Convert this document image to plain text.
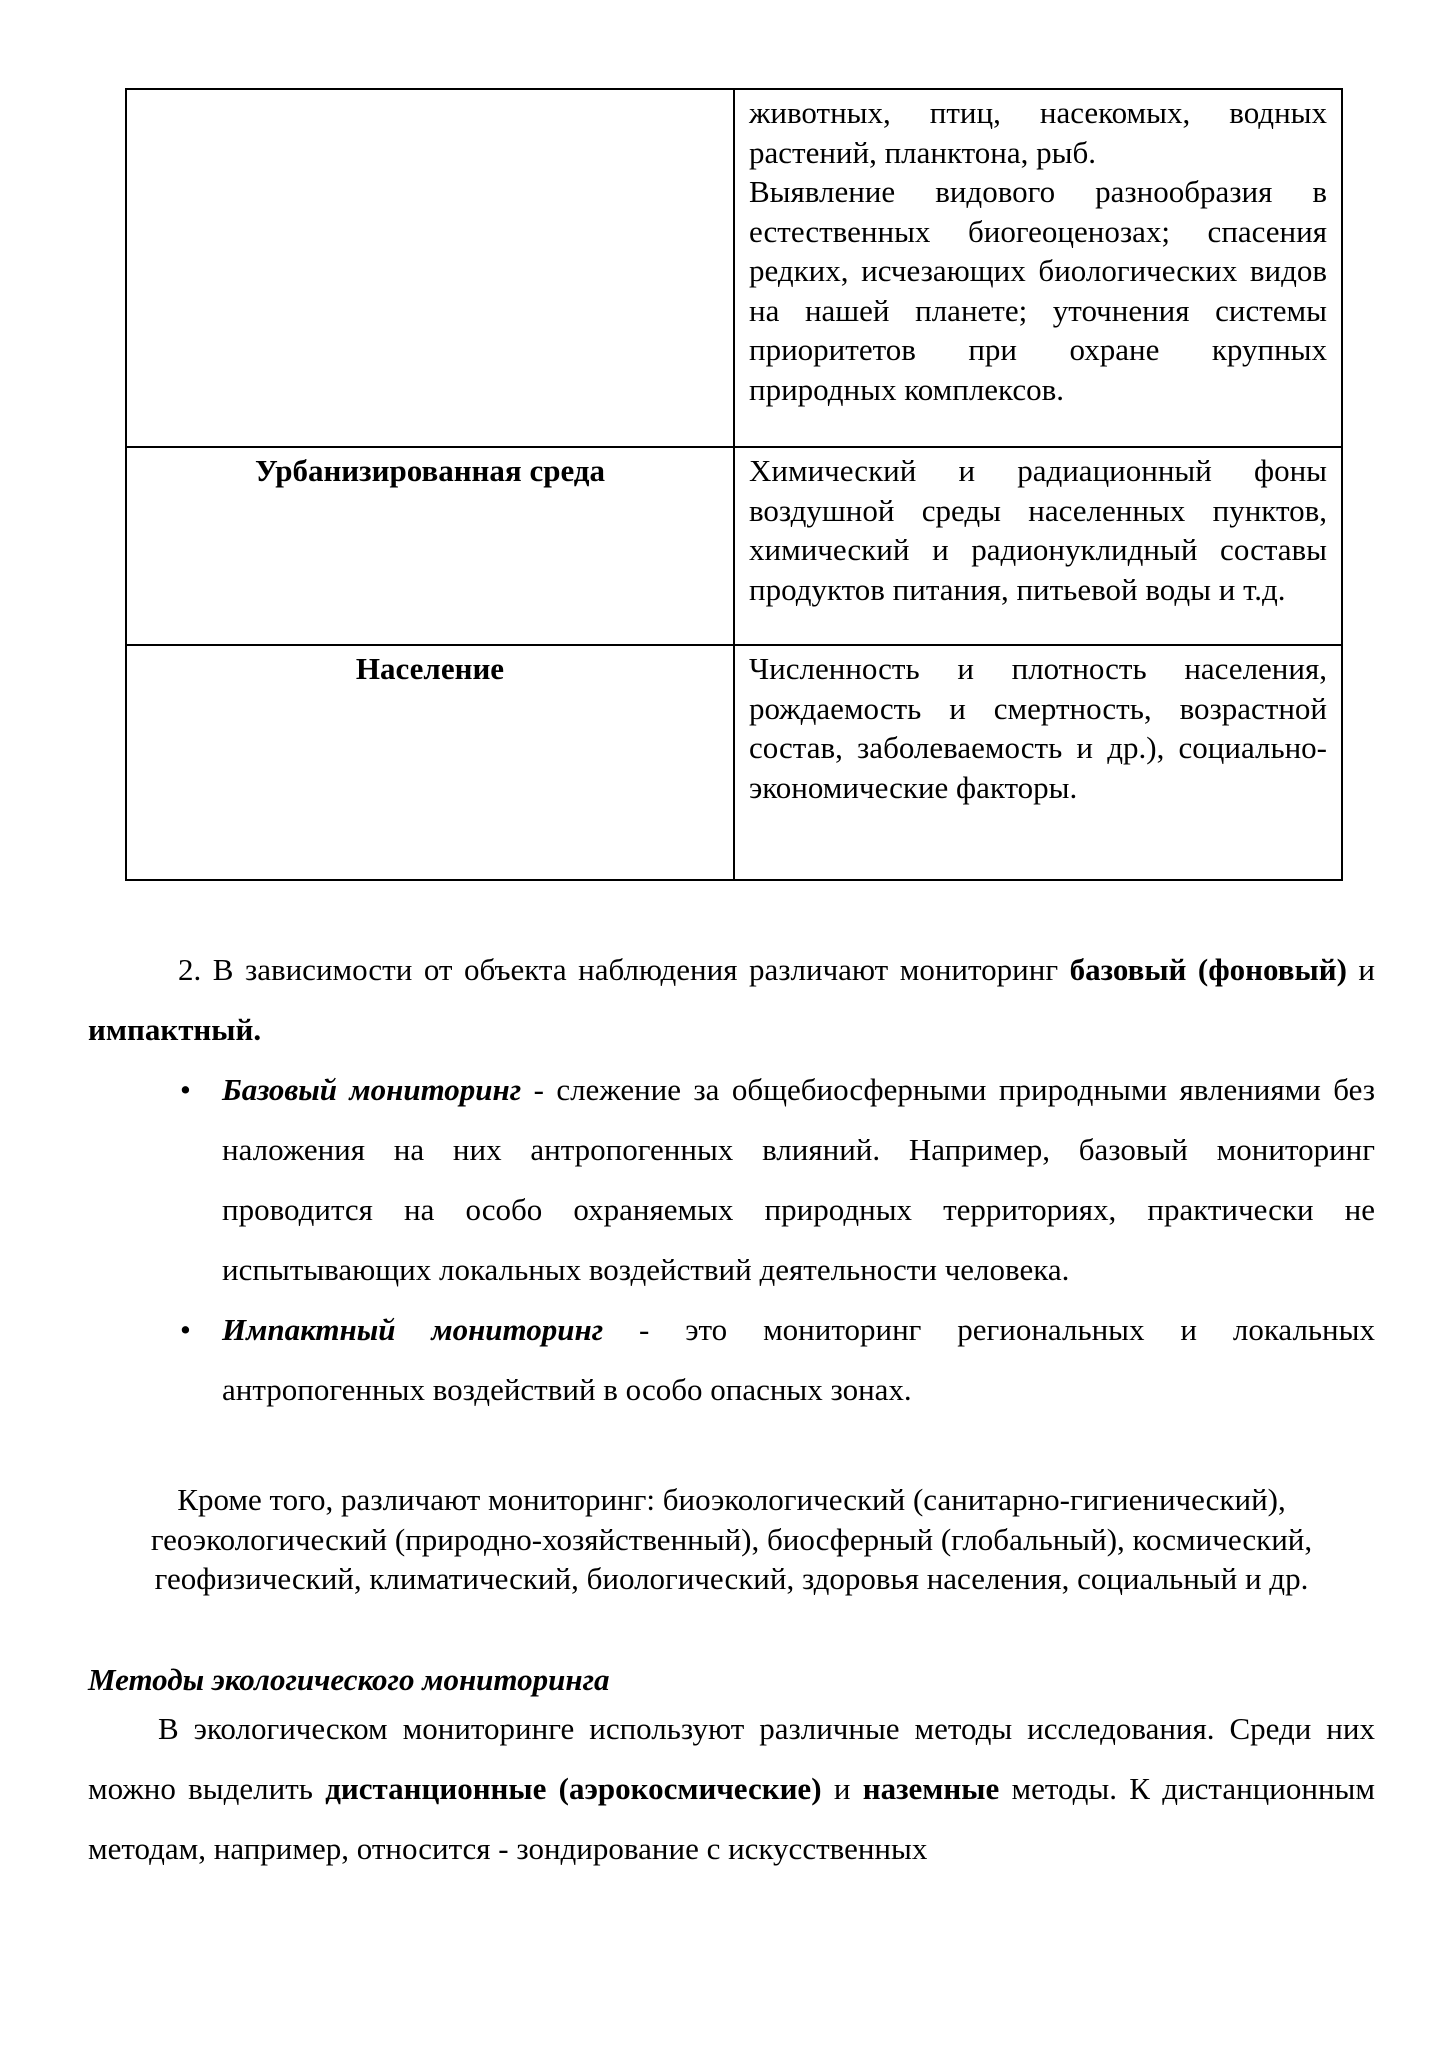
	животных, птиц, насекомых, водных растений, планктона, рыб.

Выявление видового разнообразия в естественных биогеоценозах; спасения редких, исчезающих биологических видов на нашей планете; уточнения системы приоритетов при охране крупных природных комплексов.

Урбанизированная среда	Химический и радиационный фоны воздушной среды населенных пунктов, химический и радионуклидный составы продуктов питания, питьевой воды и т.д.

Население	Численность и плотность населения, рождаемость и смертность, возрастной состав, заболеваемость и др.), социально-экономические факторы.

2. В зависимости от объекта наблюдения различают мониторинг базовый (фоновый) и импактный.

• Базовый мониторинг - слежение за общебиосферными природными явлениями без наложения на них антропогенных влияний. Например, базовый мониторинг проводится на особо охраняемых природных территориях, практически не испытывающих локальных воздействий деятельности человека.
• Импактный мониторинг - это мониторинг региональных и локальных антропогенных воздействий в особо опасных зонах.

Кроме того, различают мониторинг: биоэкологический (санитарно-гигиенический), геоэкологический (природно-хозяйственный), биосферный (глобальный), космический, геофизический, климатический, биологический, здоровья населения, социальный и др.

Методы экологического мониторинга

В экологическом мониторинге используют различные методы исследования. Среди них можно выделить дистанционные (аэрокосмические) и наземные методы. К дистанционным методам, например, относится - зондирование с искусственных
